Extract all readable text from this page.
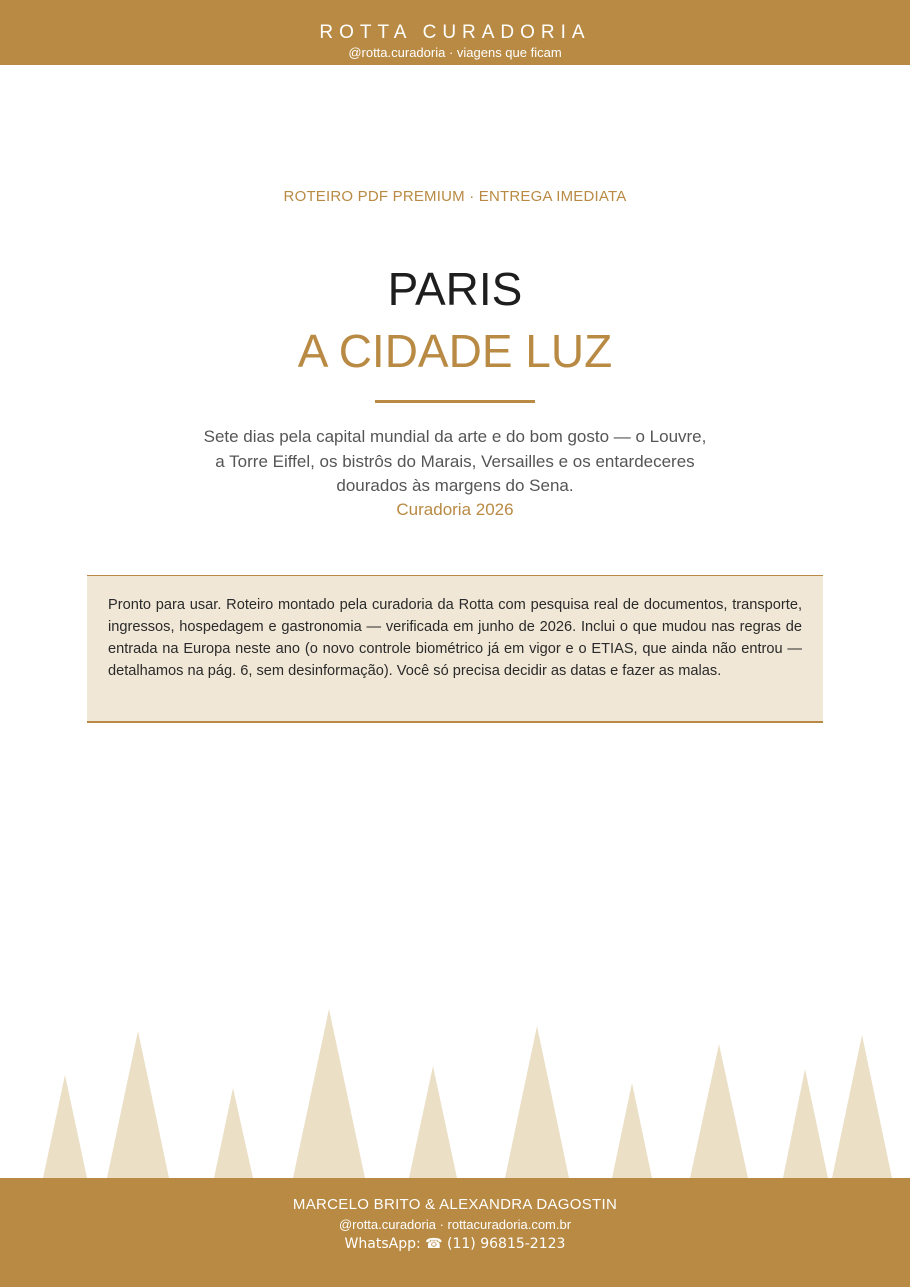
ROTTA CURADORIA
@rotta.curadoria · viagens que ficam
ROTEIRO PDF PREMIUM · ENTREGA IMEDIATA
PARIS
A CIDADE LUZ

Sete dias pela capital mundial da arte e do bom gosto — o Louvre,
a Torre Eiffel, os bistrôs do Marais, Versailles e os entardeceres
dourados às margens do Sena.

Curadoria 2026

Pronto para usar. Roteiro montado pela curadoria da Rotta com pesquisa real de documentos, transporte, ingressos, hospedagem e gastronomia — verificada em junho de 2026. Inclui o que mudou nas regras de entrada na Europa neste ano (o novo controle biométrico já em vigor e o ETIAS, que ainda não entrou — detalhamos na pág. 6, sem desinformação). Você só precisa decidir as datas e fazer as malas.

MARCELO BRITO & ALEXANDRA DAGOSTIN
@rotta.curadoria · rottacuradoria.com.br
WhatsApp: ☎ (11) 96815-2123
